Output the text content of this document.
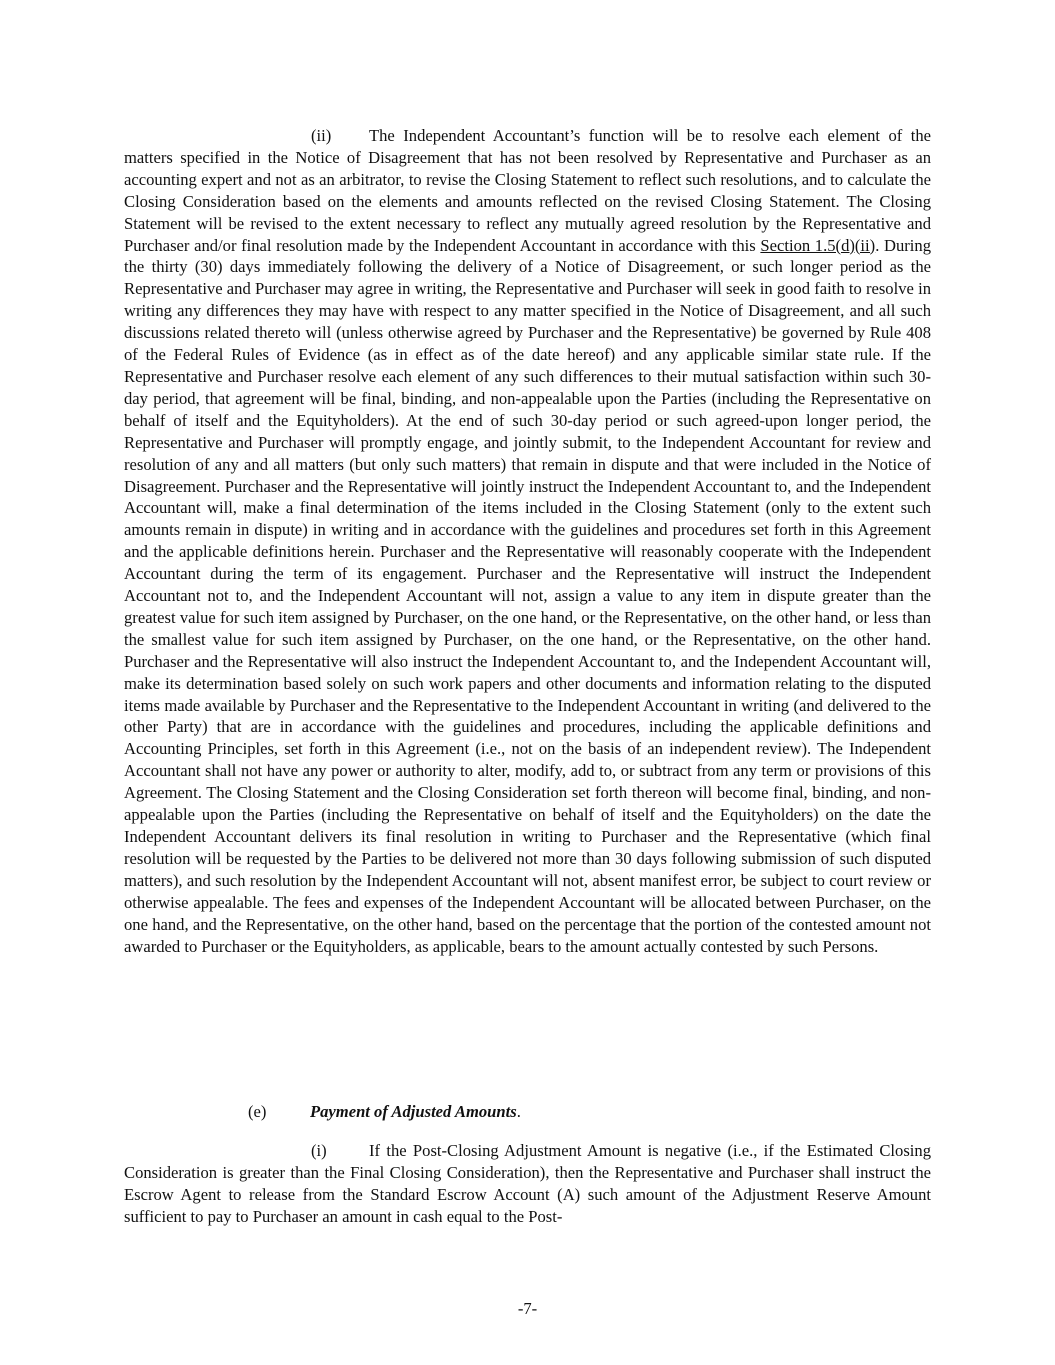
(ii) The Independent Accountant’s function will be to resolve each element of the matters specified in the Notice of Disagreement that has not been resolved by Representative and Purchaser as an accounting expert and not as an arbitrator, to revise the Closing Statement to reflect such resolutions, and to calculate the Closing Consideration based on the elements and amounts reflected on the revised Closing Statement. The Closing Statement will be revised to the extent necessary to reflect any mutually agreed resolution by the Representative and Purchaser and/or final resolution made by the Independent Accountant in accordance with this Section 1.5(d)(ii). During the thirty (30) days immediately following the delivery of a Notice of Disagreement, or such longer period as the Representative and Purchaser may agree in writing, the Representative and Purchaser will seek in good faith to resolve in writing any differences they may have with respect to any matter specified in the Notice of Disagreement, and all such discussions related thereto will (unless otherwise agreed by Purchaser and the Representative) be governed by Rule 408 of the Federal Rules of Evidence (as in effect as of the date hereof) and any applicable similar state rule. If the Representative and Purchaser resolve each element of any such differences to their mutual satisfaction within such 30-day period, that agreement will be final, binding, and non-appealable upon the Parties (including the Representative on behalf of itself and the Equityholders). At the end of such 30-day period or such agreed-upon longer period, the Representative and Purchaser will promptly engage, and jointly submit, to the Independent Accountant for review and resolution of any and all matters (but only such matters) that remain in dispute and that were included in the Notice of Disagreement. Purchaser and the Representative will jointly instruct the Independent Accountant to, and the Independent Accountant will, make a final determination of the items included in the Closing Statement (only to the extent such amounts remain in dispute) in writing and in accordance with the guidelines and procedures set forth in this Agreement and the applicable definitions herein. Purchaser and the Representative will reasonably cooperate with the Independent Accountant during the term of its engagement. Purchaser and the Representative will instruct the Independent Accountant not to, and the Independent Accountant will not, assign a value to any item in dispute greater than the greatest value for such item assigned by Purchaser, on the one hand, or the Representative, on the other hand, or less than the smallest value for such item assigned by Purchaser, on the one hand, or the Representative, on the other hand. Purchaser and the Representative will also instruct the Independent Accountant to, and the Independent Accountant will, make its determination based solely on such work papers and other documents and information relating to the disputed items made available by Purchaser and the Representative to the Independent Accountant in writing (and delivered to the other Party) that are in accordance with the guidelines and procedures, including the applicable definitions and Accounting Principles, set forth in this Agreement (i.e., not on the basis of an independent review). The Independent Accountant shall not have any power or authority to alter, modify, add to, or subtract from any term or provisions of this Agreement. The Closing Statement and the Closing Consideration set forth thereon will become final, binding, and non-appealable upon the Parties (including the Representative on behalf of itself and the Equityholders) on the date the Independent Accountant delivers its final resolution in writing to Purchaser and the Representative (which final resolution will be requested by the Parties to be delivered not more than 30 days following submission of such disputed matters), and such resolution by the Independent Accountant will not, absent manifest error, be subject to court review or otherwise appealable. The fees and expenses of the Independent Accountant will be allocated between Purchaser, on the one hand, and the Representative, on the other hand, based on the percentage that the portion of the contested amount not awarded to Purchaser or the Equityholders, as applicable, bears to the amount actually contested by such Persons.

(e)	Payment of Adjusted Amounts.

(i)	If the Post-Closing Adjustment Amount is negative (i.e., if the Estimated Closing Consideration is greater than the Final Closing Consideration), then the Representative and Purchaser shall instruct the Escrow Agent to release from the Standard Escrow Account (A) such amount of the Adjustment Reserve Amount sufficient to pay to Purchaser an amount in cash equal to the Post-

-7-
